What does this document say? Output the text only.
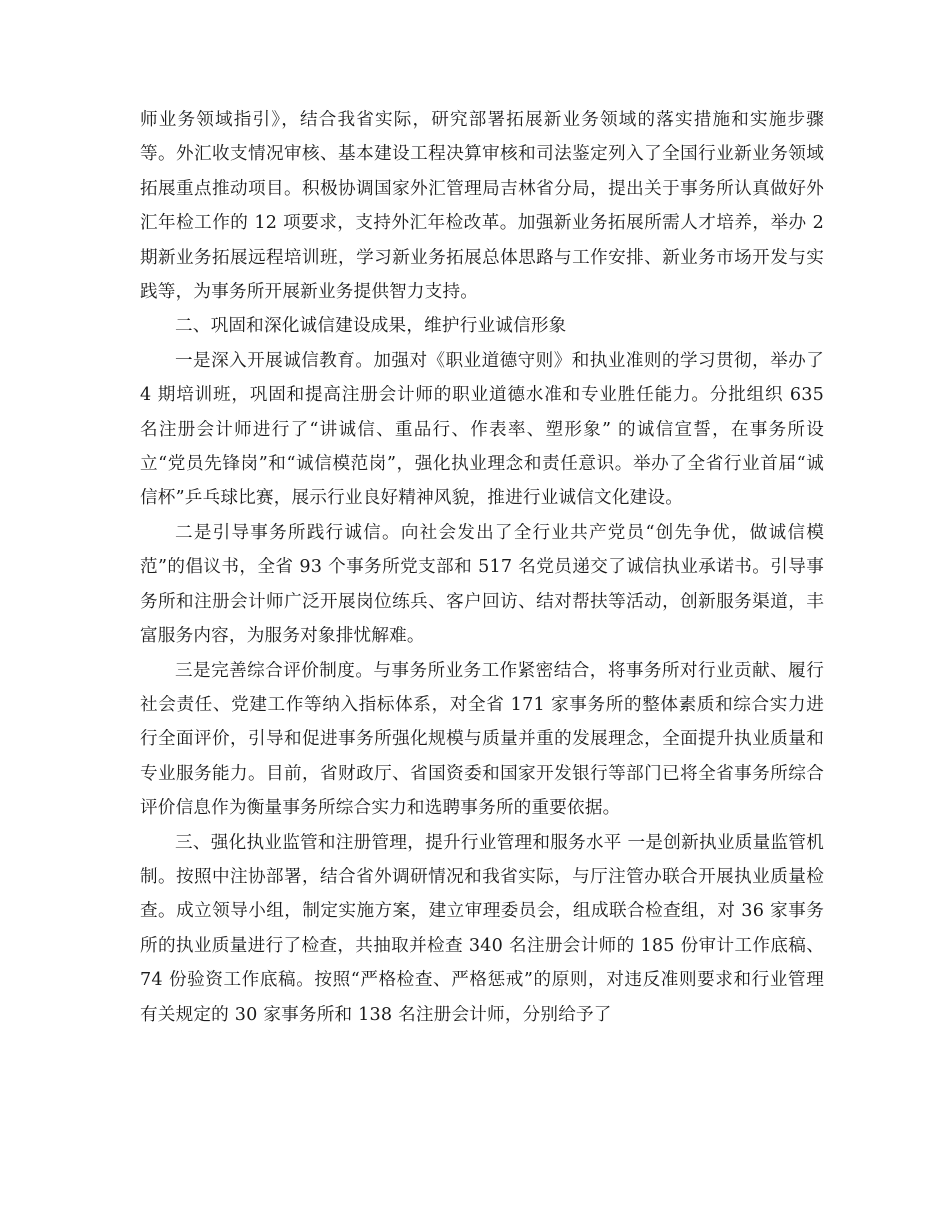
师业务领域指引》，结合我省实际，研究部署拓展新业务领域的落实措施和实施步骤等。外汇收支情况审核、基本建设工程决算审核和司法鉴定列入了全国行业新业务领域拓展重点推动项目。积极协调国家外汇管理局吉林省分局，提出关于事务所认真做好外汇年检工作的 12 项要求，支持外汇年检改革。加强新业务拓展所需人才培养，举办 2 期新业务拓展远程培训班，学习新业务拓展总体思路与工作安排、新业务市场开发与实践等，为事务所开展新业务提供智力支持。

二、巩固和深化诚信建设成果，维护行业诚信形象

一是深入开展诚信教育。加强对《职业道德守则》和执业准则的学习贯彻，举办了 4 期培训班，巩固和提高注册会计师的职业道德水准和专业胜任能力。分批组织 635 名注册会计师进行了“讲诚信、重品行、作表率、塑形象” 的诚信宣誓，在事务所设立“党员先锋岗”和“诚信模范岗”，强化执业理念和责任意识。举办了全省行业首届“诚信杯”乒乓球比赛，展示行业良好精神风貌，推进行业诚信文化建设。

二是引导事务所践行诚信。向社会发出了全行业共产党员“创先争优，做诚信模范”的倡议书，全省 93 个事务所党支部和 517 名党员递交了诚信执业承诺书。引导事务所和注册会计师广泛开展岗位练兵、客户回访、结对帮扶等活动，创新服务渠道，丰富服务内容，为服务对象排忧解难。

三是完善综合评价制度。与事务所业务工作紧密结合，将事务所对行业贡献、履行社会责任、党建工作等纳入指标体系，对全省 171 家事务所的整体素质和综合实力进行全面评价，引导和促进事务所强化规模与质量并重的发展理念，全面提升执业质量和专业服务能力。目前，省财政厅、省国资委和国家开发银行等部门已将全省事务所综合评价信息作为衡量事务所综合实力和选聘事务所的重要依据。

三、强化执业监管和注册管理，提升行业管理和服务水平 一是创新执业质量监管机制。按照中注协部署，结合省外调研情况和我省实际，与厅注管办联合开展执业质量检查。成立领导小组，制定实施方案，建立审理委员会，组成联合检查组，对 36 家事务所的执业质量进行了检查，共抽取并检查 340 名注册会计师的 185 份审计工作底稿、74 份验资工作底稿。按照“严格检查、严格惩戒”的原则，对违反准则要求和行业管理有关规定的 30 家事务所和 138 名注册会计师，分别给予了
